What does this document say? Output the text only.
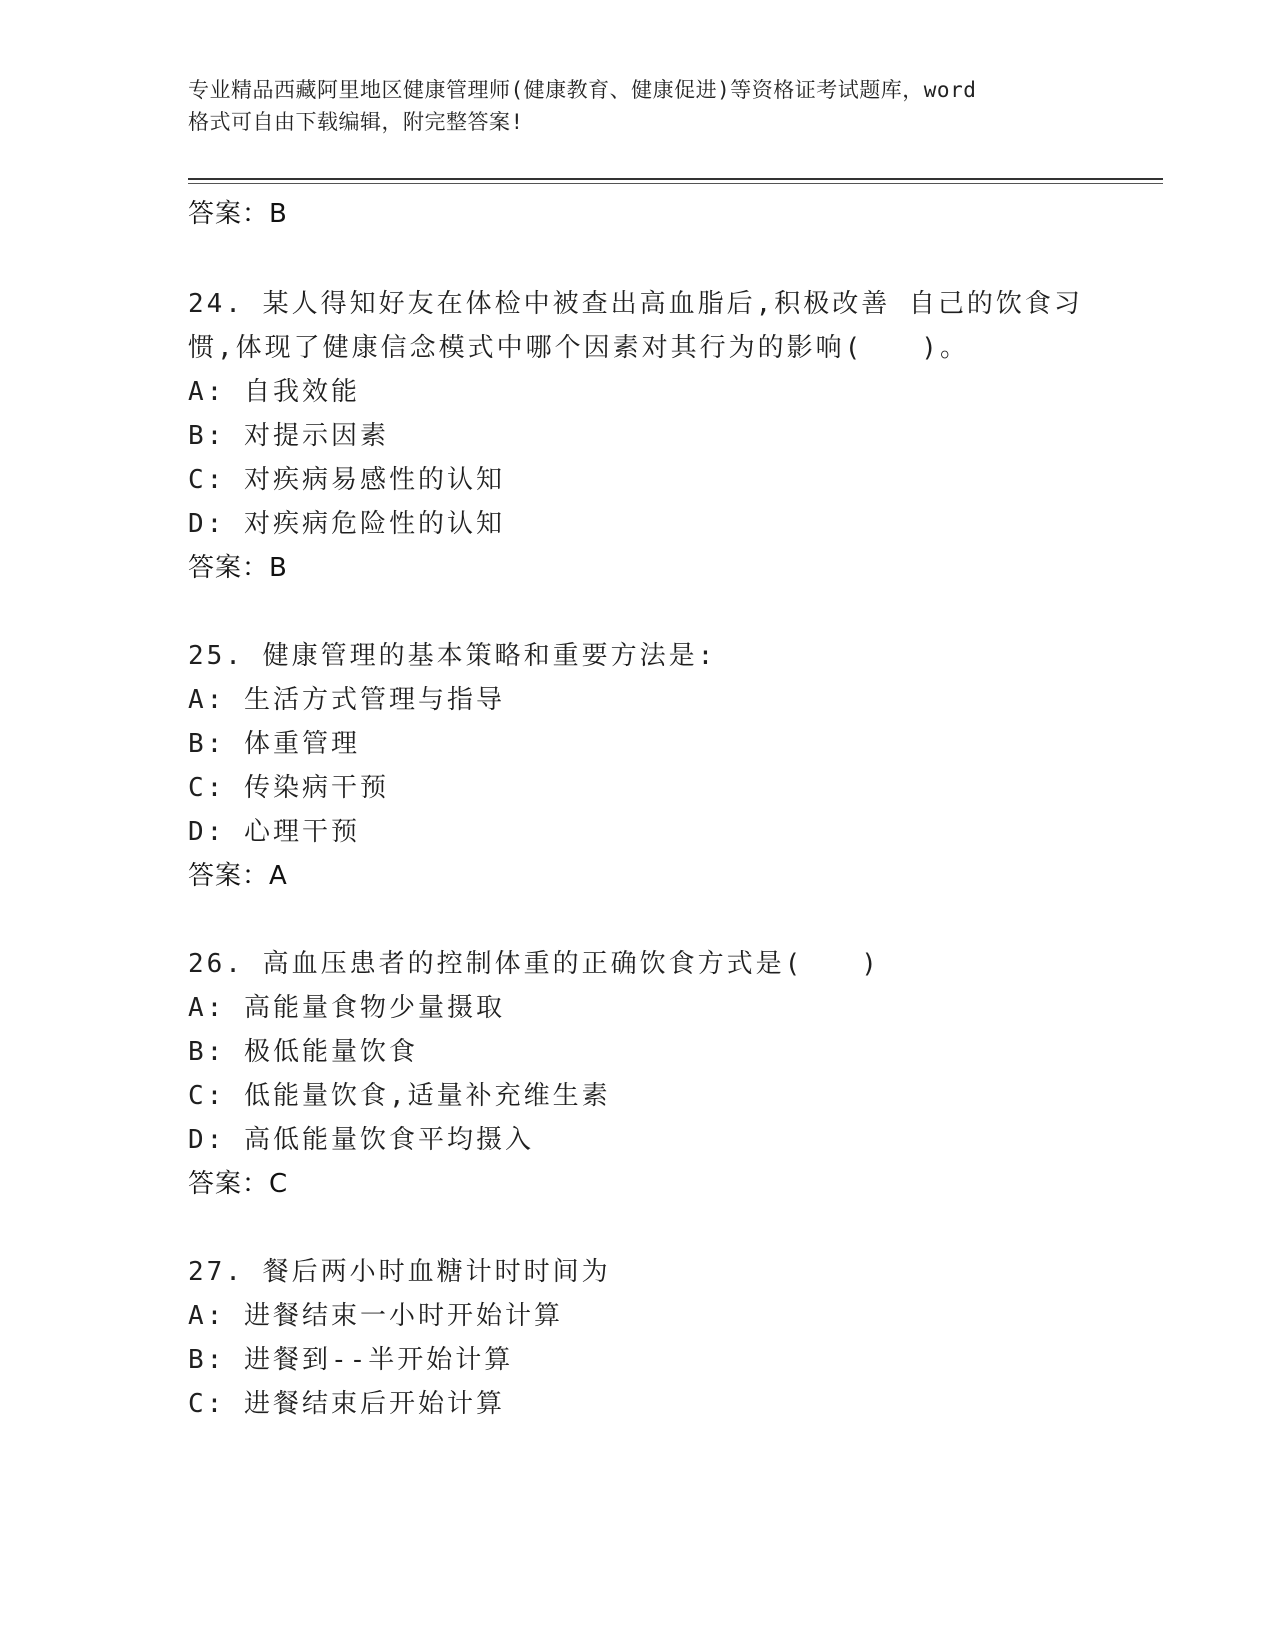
专业精品西藏阿里地区健康管理师(健康教育、健康促进)等资格证考试题库，word
格式可自由下载编辑，附完整答案!
答案：B
24. 某人得知好友在体检中被查出高血脂后,积极改善 自己的饮食习
惯,体现了健康信念模式中哪个因素对其行为的影响(　　)。
A: 自我效能
B: 对提示因素
C: 对疾病易感性的认知
D: 对疾病危险性的认知
答案：B
25. 健康管理的基本策略和重要方法是:
A: 生活方式管理与指导
B: 体重管理
C: 传染病干预
D: 心理干预
答案：A
26. 高血压患者的控制体重的正确饮食方式是(　　)
A: 高能量食物少量摄取
B: 极低能量饮食
C: 低能量饮食,适量补充维生素
D: 高低能量饮食平均摄入
答案：C
27. 餐后两小时血糖计时时间为
A: 进餐结束一小时开始计算
B: 进餐到--半开始计算
C: 进餐结束后开始计算
